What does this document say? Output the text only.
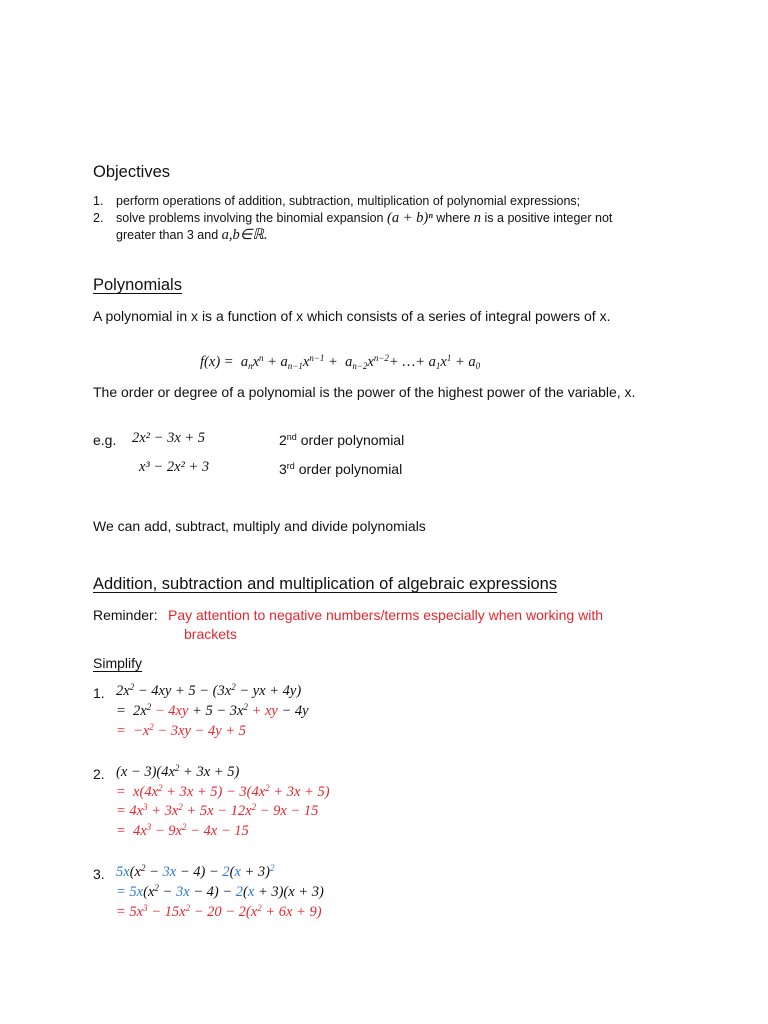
Objectives
1. perform operations of addition, subtraction, multiplication of polynomial expressions;
2. solve problems involving the binomial expansion (a + b)ⁿ where n is a positive integer not
greater than 3 and a,b∈ℝ.
Polynomials
A polynomial in x is a function of x which consists of a series of integral powers of x.
$f(x) = a_nx^n + a_{n-1}x^{n-1} + a_{n-2}x^{n-2}+$ …+ $a_1x^1 + a_0$
The order or degree of a polynomial is the power of the highest power of the variable, x.
e.g. 2x² − 3x + 5	2nd order polynomial
x³ − 2x² + 3	3rd order polynomial
We can add, subtract, multiply and divide polynomials
Addition, subtraction and multiplication of algebraic expressions
Reminder: Pay attention to negative numbers/terms especially when working with
brackets
Simplify
1. $2x^2 - 4xy + 5 - (3x^2$ − yx + 4y)
=  $2x^2 - 4xy + 5 - 3x^2$ + xy − 4y
=  $-x^2 - 3xy - 4y + 5$
2. $(x - 3)(4x^2 + 3x + 5)$
=  $x(4x^2 + 3x + 5) - 3(4x^2 + 3x + 5)$
= $4x^3 + 3x^2 + 5x - 12x^2 - 9x - 15$
=  $4x^3 - 9x^2 - 4x - 15$
3. $5x(x^2 - 3x - 4) - 2(x + 3)^2$
= $5x(x^2 - 3x - 4) - 2(x + 3)(x + 3)$
= $5x^3 - 15x^2 - 20 - 2(x^2 + 6x + 9)$
